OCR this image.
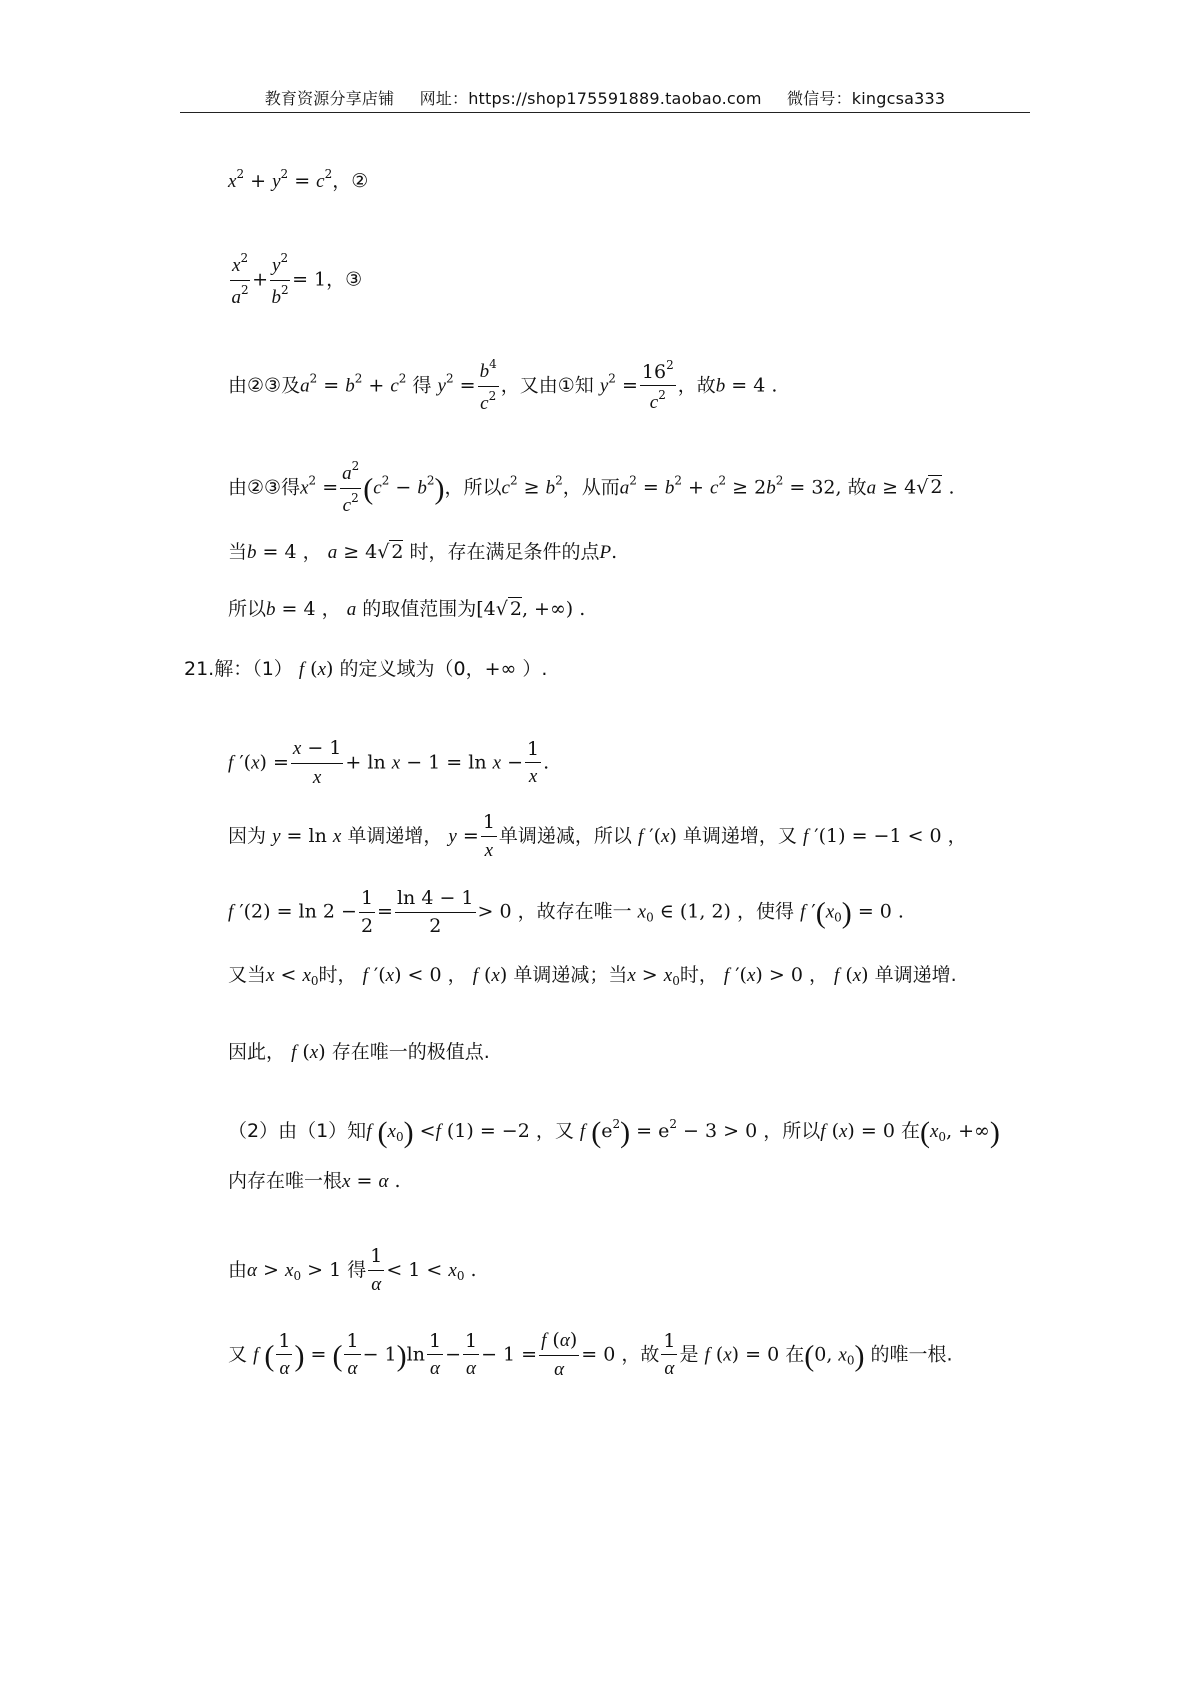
教育资源分享店铺 网址：https://shop175591889.taobao.com 微信号：kingcsa333
$x^2 + y^2 = c^2$，②
$\frac{x^2}{a^2} + \frac{y^2}{b^2} = 1$，③
由②③及$a^2 = b^2 + c^2$ 得 $y^2 = \frac{b^4}{c^2}$ ，又由①知 $y^2 = \frac{16^2}{c^2}$ ，故b = 4 .
由②③得$x^2 = \frac{a^2}{c^2} (c^2 - b^2)$，所以$c^2 \ge b^2$，从而$a^2 = b^2 + c^2 \ge 2b^2 = 32$, 故a ≥ 4√ 2 .
当b = 4 ， a ≥ 4√ 2 时，存在满足条件的点P.
所以b = 4 ， a 的取值范围为[4√ 2, +∞) .
21.解：（1） f (x) 的定义域为（0，+∞ ）.
f $'(x) = \frac{x - 1}{x} + \ln x - 1 = \ln x - \frac{1}{x}$ .
因为 y = ln x 单调递增， $y = \frac{1}{x}$ 单调递减，所以 f ′(x) 单调递增，又 f ′(1) = −1 < 0 ，
f $'(2) = \ln 2 - \frac{1}{2} = \frac{\ln 4 - 1}{2} > 0$ ，故存在唯一 $x_0$ ∈ (1, 2) ，使得 f $'(x_0) = 0$ .
又当$x < x_0$时， f ′(x) < 0 ， f (x) 单调递减；当$x > x_0$时， f ′(x) > 0 ， f (x) 单调递增.
因此， f (x) 存在唯一的极值点.
（2）由（1）知f $(x_0) <f$ (1) = −2 ，又 f $(e^2) = e^2 - 3 > 0$ ，所以f (x) = 0 在($x_0$, +∞)
内存在唯一根x = α .
由$\alpha > x_0 > 1$ 得 $\frac{1}{\alpha} < 1 < x_0$ .
又 f ( $\frac{1}{\alpha}$ ) = ( $\frac{1}{\alpha} - 1)\ln \frac{1}{\alpha} - \frac{1}{\alpha} - 1 = \frac{f (\alpha)}{\alpha} = 0$ ，故 $\frac{1}{\alpha}$ 是 f (x) = 0 在(0, $x_0$) 的唯一根.
